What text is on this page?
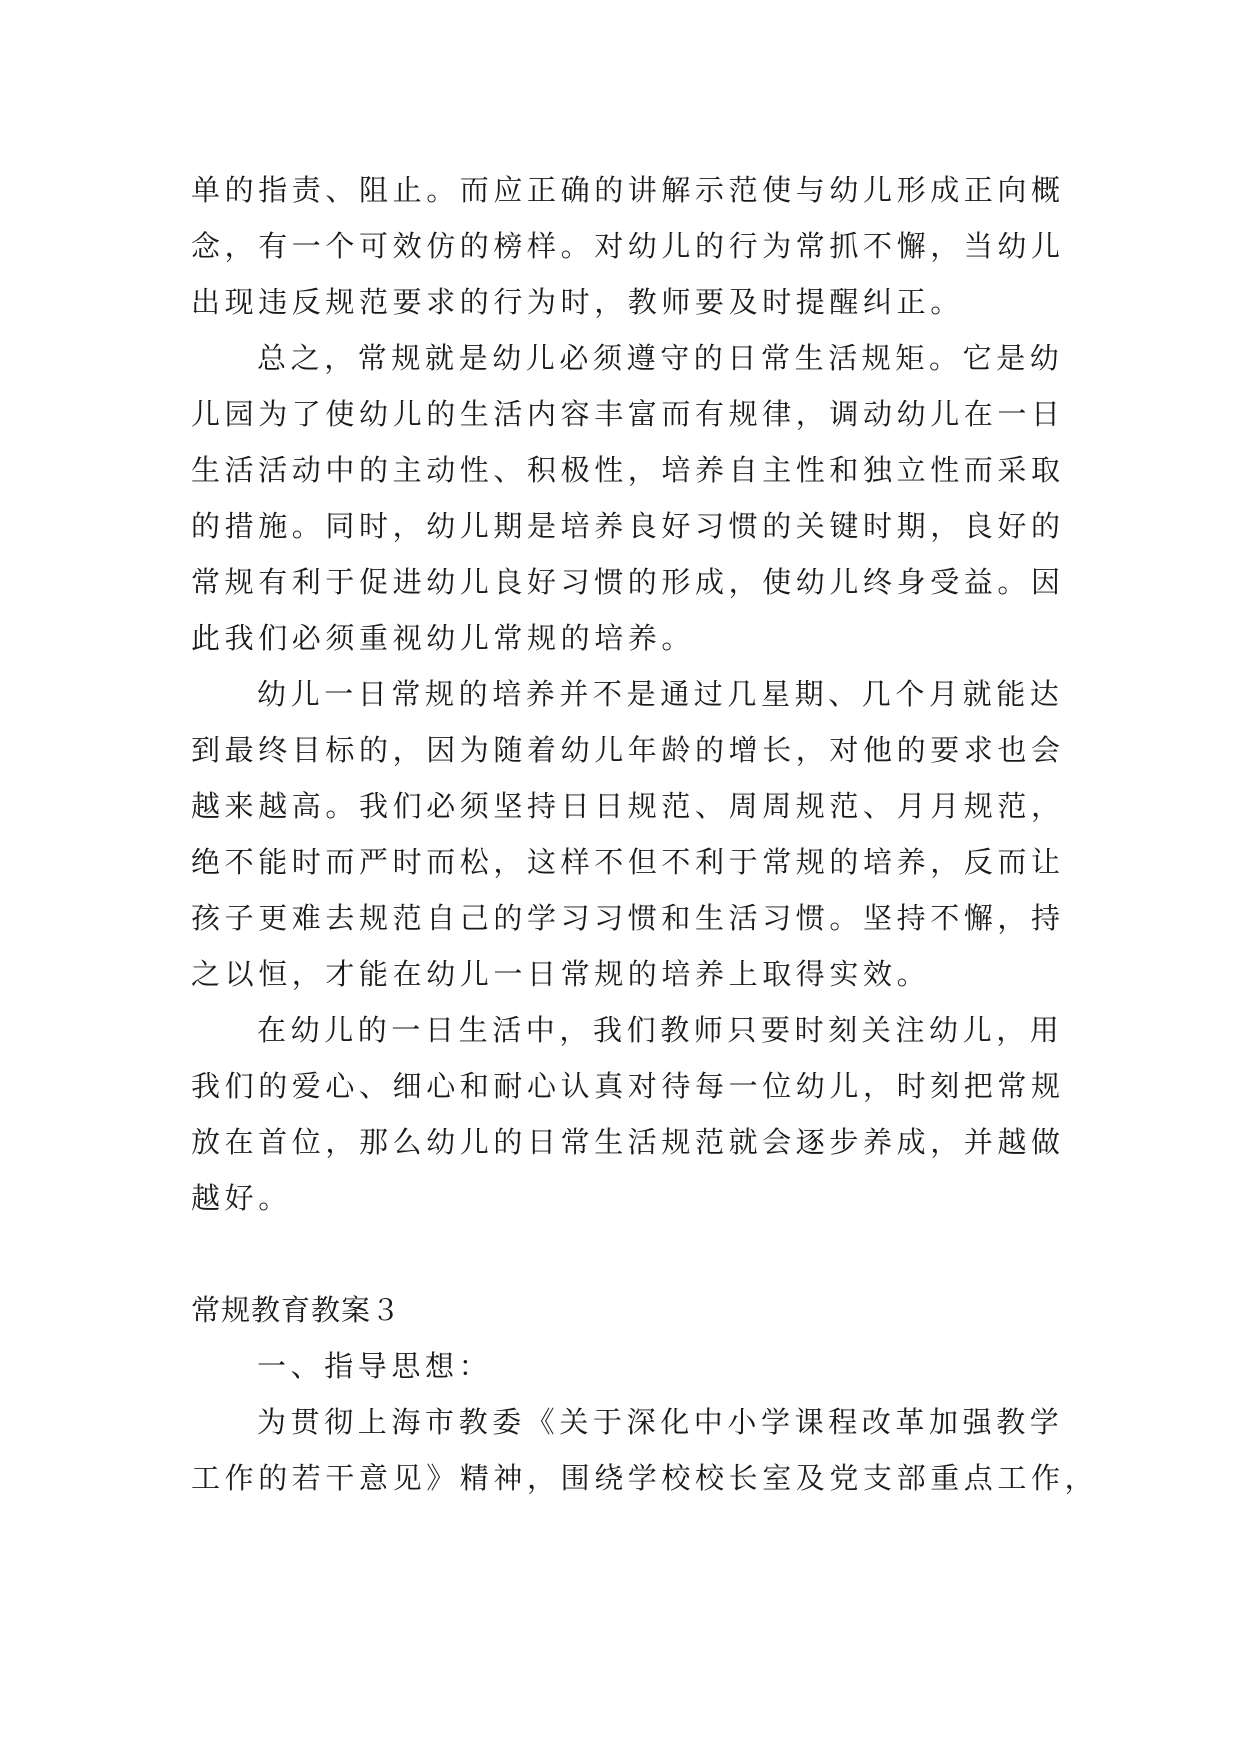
单的指责、阻止。而应正确的讲解示范使与幼儿形成正向概
念，有一个可效仿的榜样。对幼儿的行为常抓不懈，当幼儿
出现违反规范要求的行为时，教师要及时提醒纠正。
总之，常规就是幼儿必须遵守的日常生活规矩。它是幼
儿园为了使幼儿的生活内容丰富而有规律，调动幼儿在一日
生活活动中的主动性、积极性，培养自主性和独立性而采取
的措施。同时，幼儿期是培养良好习惯的关键时期，良好的
常规有利于促进幼儿良好习惯的形成，使幼儿终身受益。因
此我们必须重视幼儿常规的培养。
幼儿一日常规的培养并不是通过几星期、几个月就能达
到最终目标的，因为随着幼儿年龄的增长，对他的要求也会
越来越高。我们必须坚持日日规范、周周规范、月月规范，
绝不能时而严时而松，这样不但不利于常规的培养，反而让
孩子更难去规范自己的学习习惯和生活习惯。坚持不懈，持
之以恒，才能在幼儿一日常规的培养上取得实效。
在幼儿的一日生活中，我们教师只要时刻关注幼儿，用
我们的爱心、细心和耐心认真对待每一位幼儿，时刻把常规
放在首位，那么幼儿的日常生活规范就会逐步养成，并越做
越好。
常规教育教案３
一、指导思想：
为贯彻上海市教委《关于深化中小学课程改革加强教学
工作的若干意见》精神，围绕学校校长室及党支部重点工作，
